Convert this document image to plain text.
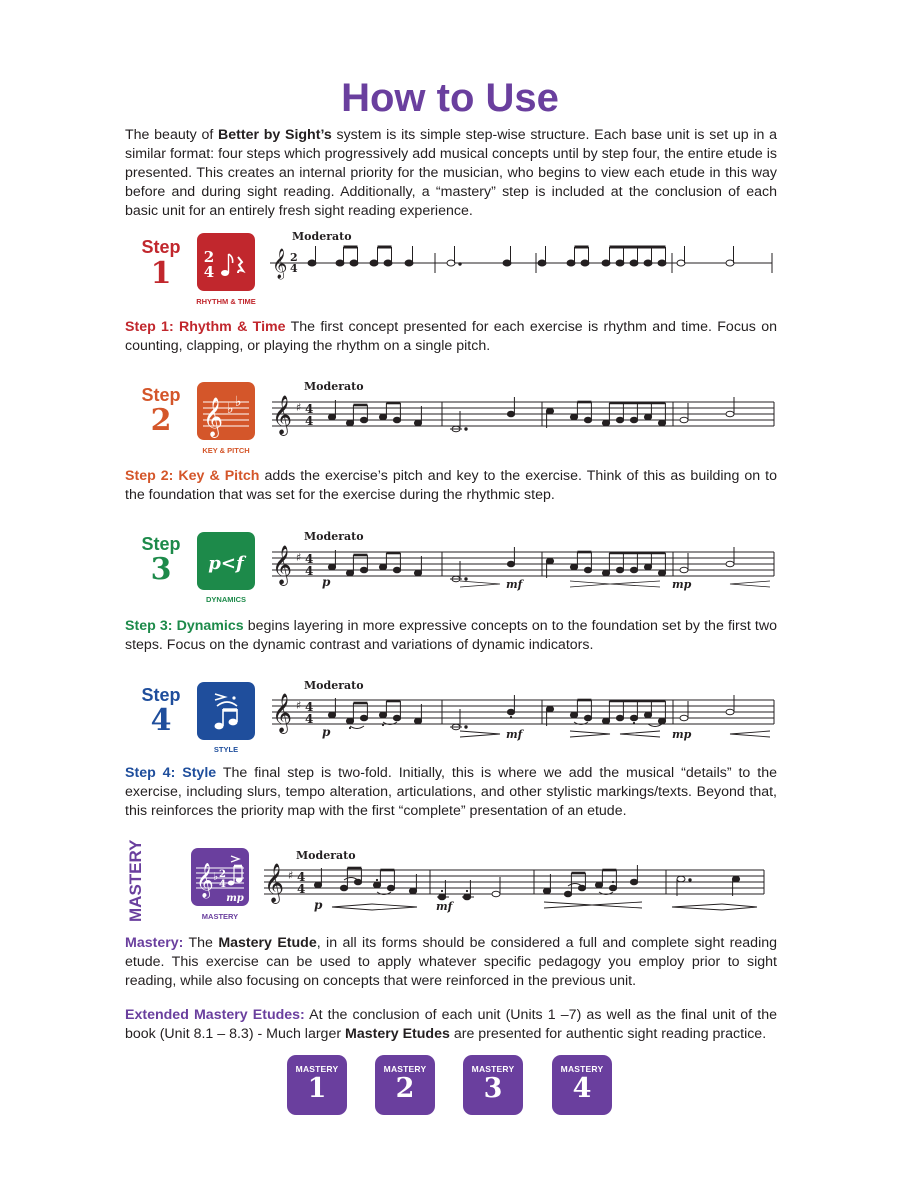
How to Use
The beauty of Better by Sight’s system is its simple step-wise structure. Each base unit is set up in a similar format: four steps which progressively add musical concepts until by step four, the entire etude is presented. This creates an internal priority for the musician, who begins to view each etude in this way before and during sight reading. Additionally, a “mastery” step is included at the conclusion of each basic unit for an entirely fresh sight reading experience.
Step
1	2
4
RHYTHM & TIME
Moderato
𝄞 2
4
Step 1: Rhythm & Time The first concept presented for each exercise is rhythm and time. Focus on counting, clapping, or playing the rhythm on a single pitch.
Step
2 𝄞 ♭ ♭
KEY & PITCH
Moderato
𝄞 ♯ 4
4
Step 2: Key & Pitch adds the exercise’s pitch and key to the exercise. Think of this as building on to the foundation that was set for the exercise during the rhythmic step.
Step
3	p<f
DYNAMICS
Moderato
𝄞 ♯ 4
4
p	mf	mp
Step 3: Dynamics begins layering in more expressive concepts on to the foundation set by the first two steps. Focus on the dynamic contrast and variations of dynamic indicators.
Step
4
STYLE
Moderato
𝄞 ♯ 4
4
p	mf	mp
Step 4: Style The final step is two-fold. Initially, this is where we add the musical “details” to the exercise, including slurs, tempo alteration, articulations, and other stylistic markings/texts. Beyond that, this reinforces the priority map with the first “complete” presentation of an etude.
MASTERY	𝄞 ♭ 2
4
mp
MASTERY
Moderato
𝄞 ♯ 4
4
p	mf
Mastery: The Mastery Etude, in all its forms should be considered a full and complete sight reading etude. This exercise can be used to apply whatever specific pedagogy you employ prior to sight reading, while also focusing on concepts that were reinforced in the previous unit.
Extended Mastery Etudes: At the conclusion of each unit (Units 1 –7) as well as the final unit of the book (Unit 8.1 – 8.3) - Much larger Mastery Etudes are presented for authentic sight reading practice.
MASTERY
1
MASTERY
2
MASTERY
3
MASTERY
4
